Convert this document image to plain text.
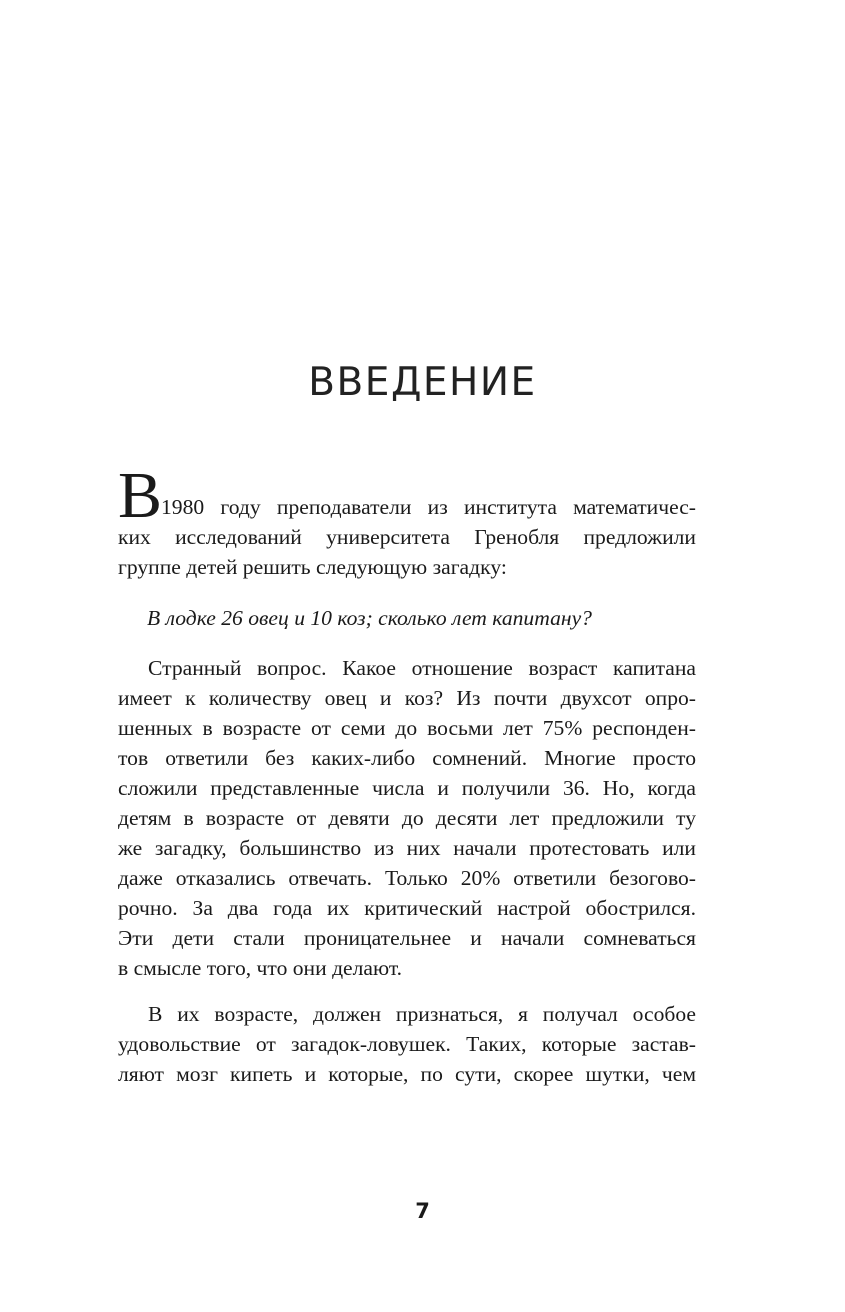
ВВЕДЕНИЕ
В
1980 году преподаватели из института математичес-
ких исследований университета Гренобля предложили
группе детей решить следующую загадку:
В лодке 26 овец и 10 коз; сколько лет капитану?
Странный вопрос. Какое отношение возраст капитана
имеет к количеству овец и коз? Из почти двухсот опро-
шенных в возрасте от семи до восьми лет 75% респонден-
тов ответили без каких-либо сомнений. Многие просто
сложили представленные числа и получили 36. Но, когда
детям в возрасте от девяти до десяти лет предложили ту
же загадку, большинство из них начали протестовать или
даже отказались отвечать. Только 20% ответили безогово-
рочно. За два года их критический настрой обострился.
Эти дети стали проницательнее и начали сомневаться
в смысле того, что они делают.
В их возрасте, должен признаться, я получал особое
удовольствие от загадок-ловушек. Таких, которые застав-
ляют мозг кипеть и которые, по сути, скорее шутки, чем
7
